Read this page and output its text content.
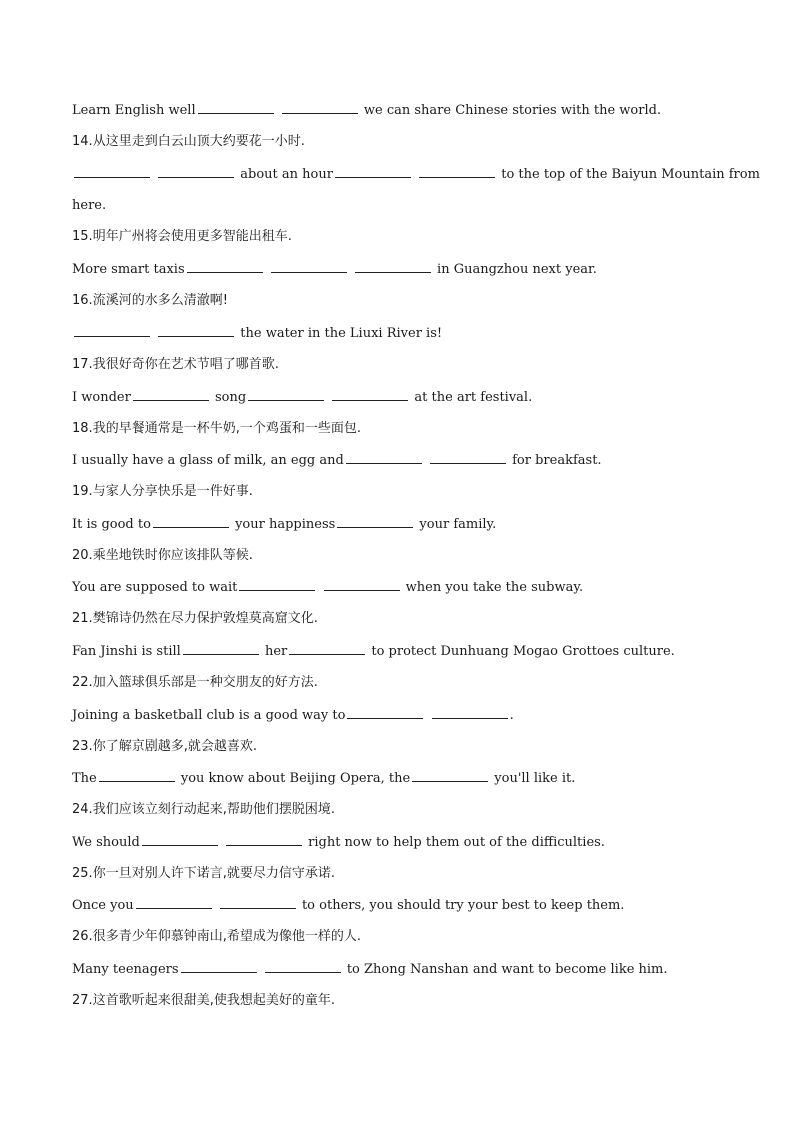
Learn English well	we can share Chinese stories with the world.
14.从这里走到白云山顶大约要花一小时.
about an hour	to the top of the Baiyun Mountain from
here.
15.明年广州将会使用更多智能出租车.
More smart taxis	in Guangzhou next year.
16.流溪河的水多么清澈啊!
the water in the Liuxi River is!
17.我很好奇你在艺术节唱了哪首歌.
I wonder	song	at the art festival.
18.我的早餐通常是一杯牛奶,一个鸡蛋和一些面包.
I usually have a glass of milk, an egg and	for breakfast.
19.与家人分享快乐是一件好事.
It is good to	your happiness	your family.
20.乘坐地铁时你应该排队等候.
You are supposed to wait	when you take the subway.
21.樊锦诗仍然在尽力保护敦煌莫高窟文化.
Fan Jinshi is still	her	to protect Dunhuang Mogao Grottoes culture.
22.加入篮球俱乐部是一种交朋友的好方法.
Joining a basketball club is a good way to	.
23.你了解京剧越多,就会越喜欢.
The	you know about Beijing Opera, the	you'll like it.
24.我们应该立刻行动起来,帮助他们摆脱困境.
We should	right now to help them out of the difficulties.
25.你一旦对别人许下诺言,就要尽力信守承诺.
Once you	to others, you should try your best to keep them.
26.很多青少年仰慕钟南山,希望成为像他一样的人.
Many teenagers	to Zhong Nanshan and want to become like him.
27.这首歌听起来很甜美,使我想起美好的童年.
